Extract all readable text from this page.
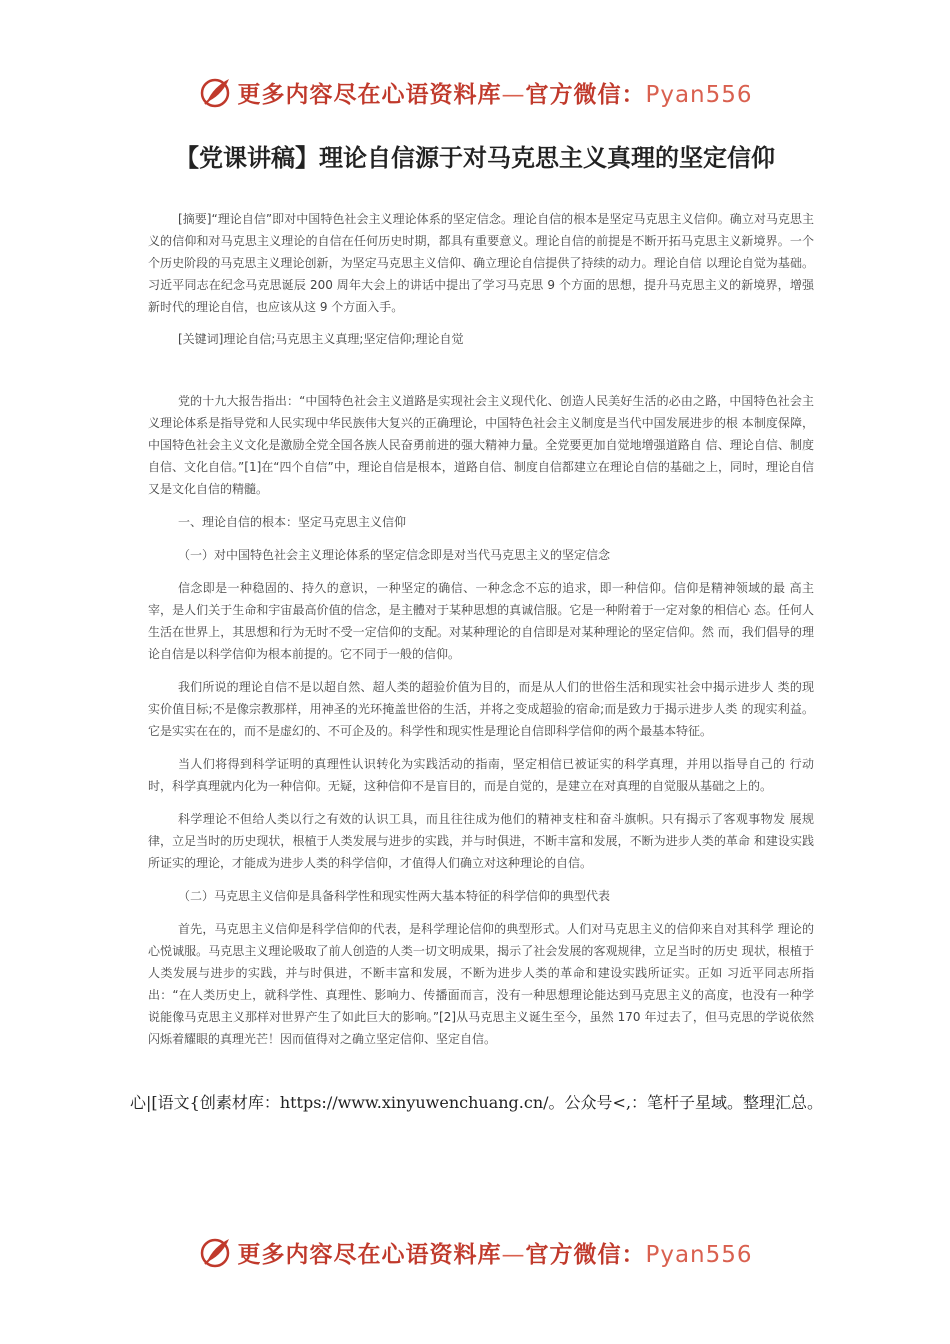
更多内容尽在心语资料库—官方微信：Pyan556
【党课讲稿】理论自信源于对马克思主义真理的坚定信仰

[摘要]“理论自信”即对中国特色社会主义理论体系的坚定信念。理论自信的根本是坚定马克思主义信仰。确立对马克思主义的信仰和对马克思主义理论的自信在任何历史时期，都具有重要意义。理论自信的前提是不断开拓马克思主义新境界。一个个历史阶段的马克思主义理论创新，为坚定马克思主义信仰、确立理论自信提供了持续的动力。理论自信 以理论自觉为基础。习近平同志在纪念马克思诞辰 200 周年大会上的讲话中提出了学习马克思 9 个方面的思想，提升马克思主义的新境界，增强新时代的理论自信，也应该从这 9 个方面入手。

[关键词]理论自信;马克思主义真理;坚定信仰;理论自觉

党的十九大报告指出：“中国特色社会主义道路是实现社会主义现代化、创造人民美好生活的必由之路，中国特色社会主义理论体系是指导党和人民实现中华民族伟大复兴的正确理论，中国特色社会主义制度是当代中国发展进步的根 本制度保障，中国特色社会主义文化是激励全党全国各族人民奋勇前进的强大精神力量。全党要更加自觉地增强道路自 信、理论自信、制度自信、文化自信。”[1]在“四个自信”中，理论自信是根本，道路自信、制度自信都建立在理论自信的基础之上，同时，理论自信又是文化自信的精髓。

一、理论自信的根本：坚定马克思主义信仰

（一）对中国特色社会主义理论体系的坚定信念即是对当代马克思主义的坚定信念

信念即是一种稳固的、持久的意识，一种坚定的确信、一种念念不忘的追求，即一种信仰。信仰是精神领域的最 高主宰，是人们关于生命和宇宙最高价值的信念，是主體对于某种思想的真诚信服。它是一种附着于一定对象的相信心 态。任何人生活在世界上，其思想和行为无时不受一定信仰的支配。对某种理论的自信即是对某种理论的坚定信仰。然 而，我们倡导的理论自信是以科学信仰为根本前提的。它不同于一般的信仰。

我们所说的理论自信不是以超自然、超人类的超验价值为目的，而是从人们的世俗生活和现实社会中揭示进步人 类的现实价值目标;不是像宗教那样，用神圣的光环掩盖世俗的生活，并将之变成超验的宿命;而是致力于揭示进步人类 的现实利益。它是实实在在的，而不是虚幻的、不可企及的。科学性和现实性是理论自信即科学信仰的两个最基本特征。

当人们将得到科学证明的真理性认识转化为实践活动的指南，坚定相信已被证实的科学真理，并用以指导自己的 行动时，科学真理就内化为一种信仰。无疑，这种信仰不是盲目的，而是自觉的，是建立在对真理的自觉服从基础之上的。

科学理论不但给人类以行之有效的认识工具，而且往往成为他们的精神支柱和奋斗旗帜。只有揭示了客观事物发 展规律，立足当时的历史现状，根植于人类发展与进步的实践，并与时俱进，不断丰富和发展，不断为进步人类的革命 和建设实践所证实的理论，才能成为进步人类的科学信仰，才值得人们确立对这种理论的自信。

（二）马克思主义信仰是具备科学性和现实性两大基本特征的科学信仰的典型代表

首先，马克思主义信仰是科学信仰的代表，是科学理论信仰的典型形式。人们对马克思主义的信仰来自对其科学 理论的心悦诚服。马克思主义理论吸取了前人创造的人类一切文明成果，揭示了社会发展的客观规律，立足当时的历史 现状，根植于人类发展与进步的实践，并与时俱进，不断丰富和发展，不断为进步人类的革命和建设实践所证实。正如 习近平同志所指出：“在人类历史上，就科学性、真理性、影响力、传播面而言，没有一种思想理论能达到马克思主义的高度，也没有一种学说能像马克思主义那样对世界产生了如此巨大的影响。”[2]从马克思主义诞生至今，虽然 170 年过去了，但马克思的学说依然闪烁着耀眼的真理光芒！因而值得对之确立坚定信仰、坚定自信。

心|[语文{创素材库：https://www.xinyuwenchuang.cn/。公众号<,：笔杆子星域。整理汇总。
更多内容尽在心语资料库—官方微信：Pyan556
